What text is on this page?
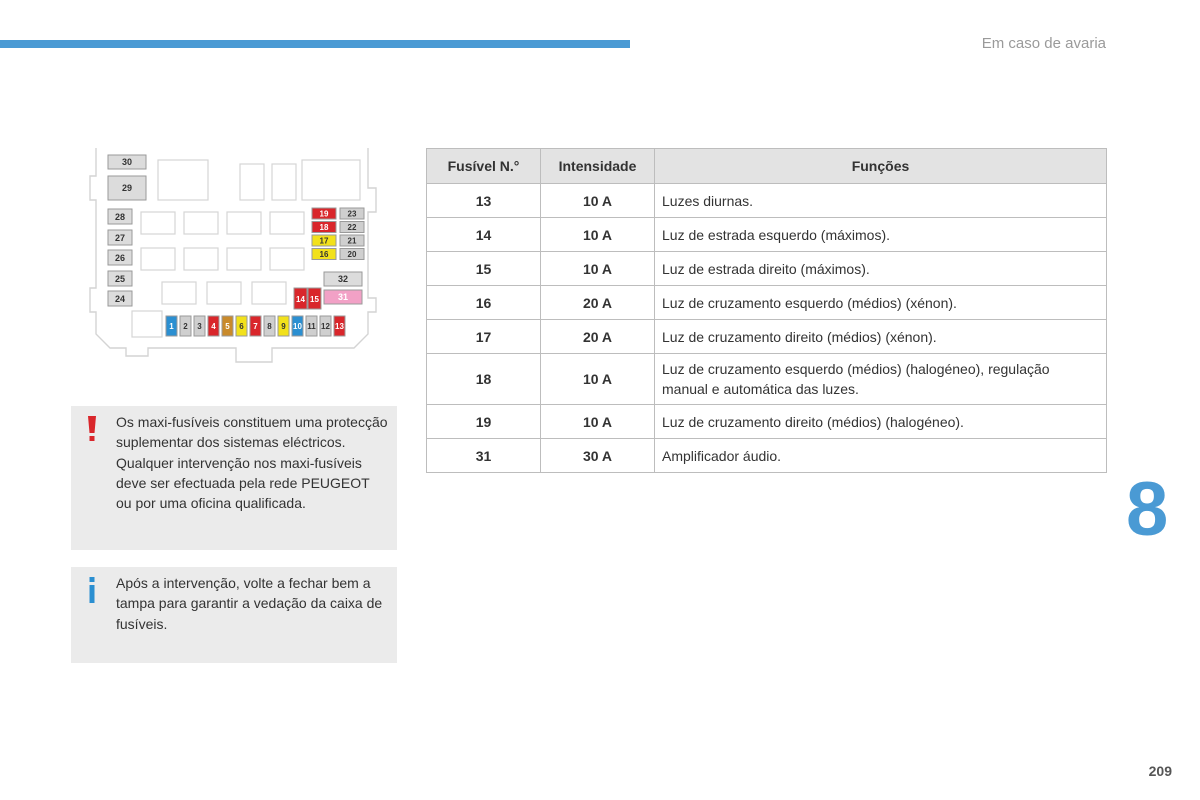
Em caso de avaria
30
29
28
27
26
25
24
19 23
18 22
17 21
16 20
32
14 15 31
1 2 3 4 5 6 7 8 9 10 11 12 13
Os maxi-fusíveis constituem uma protecção suplementar dos sistemas eléctricos. Qualquer intervenção nos maxi-fusíveis deve ser efectuada pela rede PEUGEOT ou por uma oficina qualificada.
Após a intervenção, volte a fechar bem a tampa para garantir a vedação da caixa de fusíveis.
Fusível N.°	Intensidade	Funções
13	10 A	Luzes diurnas.
14	10 A	Luz de estrada esquerdo (máximos).
15	10 A	Luz de estrada direito (máximos).
16	20 A	Luz de cruzamento esquerdo (médios) (xénon).
17	20 A	Luz de cruzamento direito (médios) (xénon).
18	10 A	Luz de cruzamento esquerdo (médios) (halogéneo), regulação manual e automática das luzes.
19	10 A	Luz de cruzamento direito (médios) (halogéneo).
31	30 A	Amplificador áudio.
8
209
